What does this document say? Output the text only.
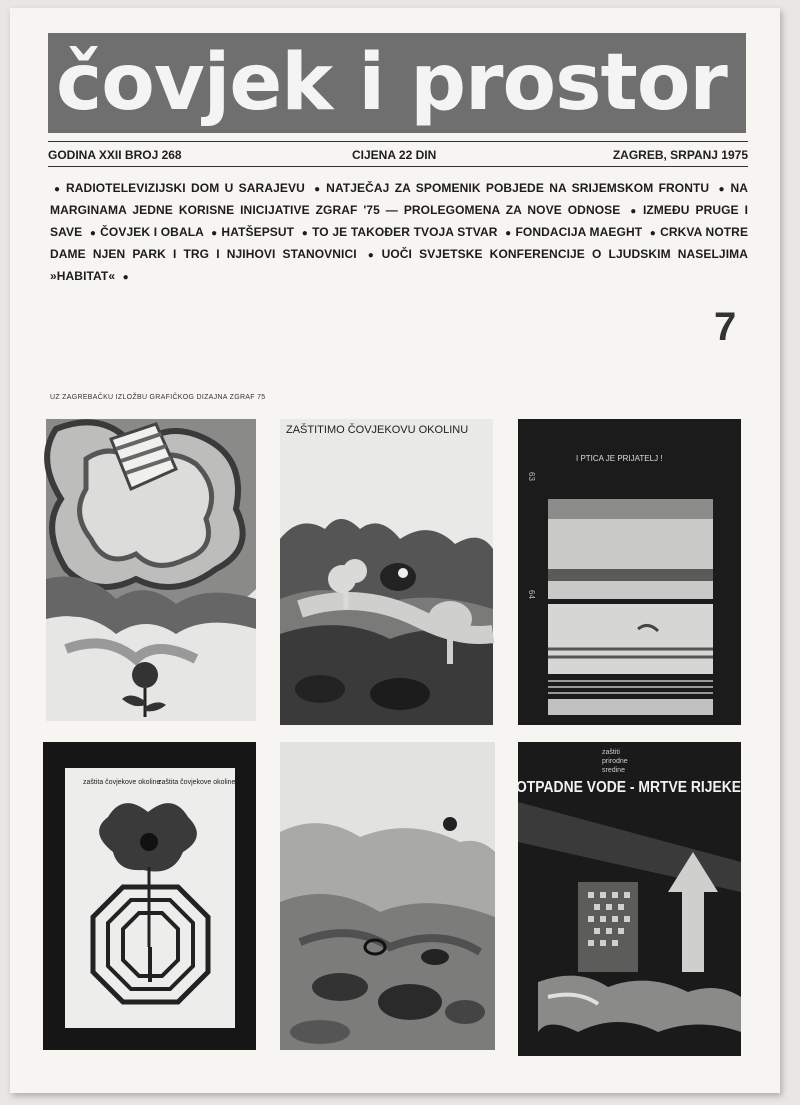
čovjek i prostor
GODINA XXII BROJ 268	CIJENA 22 DIN	ZAGREB, SRPANJ 1975
● RADIOTELEVIZIJSKI DOM U SARAJEVU ● NATJEČAJ ZA SPOMENIK POBJEDE NA SRIJEMSKOM FRONTU ● NA MARGINAMA JEDNE KORISNE INICIJATIVE ZGRAF '75 — PROLEGOMENA ZA NOVE ODNOSE ● IZMEĐU PRUGE I SAVE ● ČOVJEK I OBALA ● HATŠEPSUT ● TO JE TAKOĐER TVOJA STVAR ● FONDACIJA MAEGHT ● CRKVA NOTRE DAME NJEN PARK I TRG I NJIHOVI STANOVNICI ● UOČI SVJETSKE KONFERENCIJE O LJUDSKIM NASELJIMA »HABITAT« ●
7
UZ ZAGREBAČKU IZLOŽBU GRAFIČKOG DIZAJNA ZGRAF 75
ZAŠTITIMO ČOVJEKOVU OKOLINU
I PTICA JE PRIJATELJ !
63
64
zaštita čovjekove okoline
zaštita čovjekove okoline
zaštiti
prirodne
sredine
OTPADNE VODE - MRTVE RIJEKE
